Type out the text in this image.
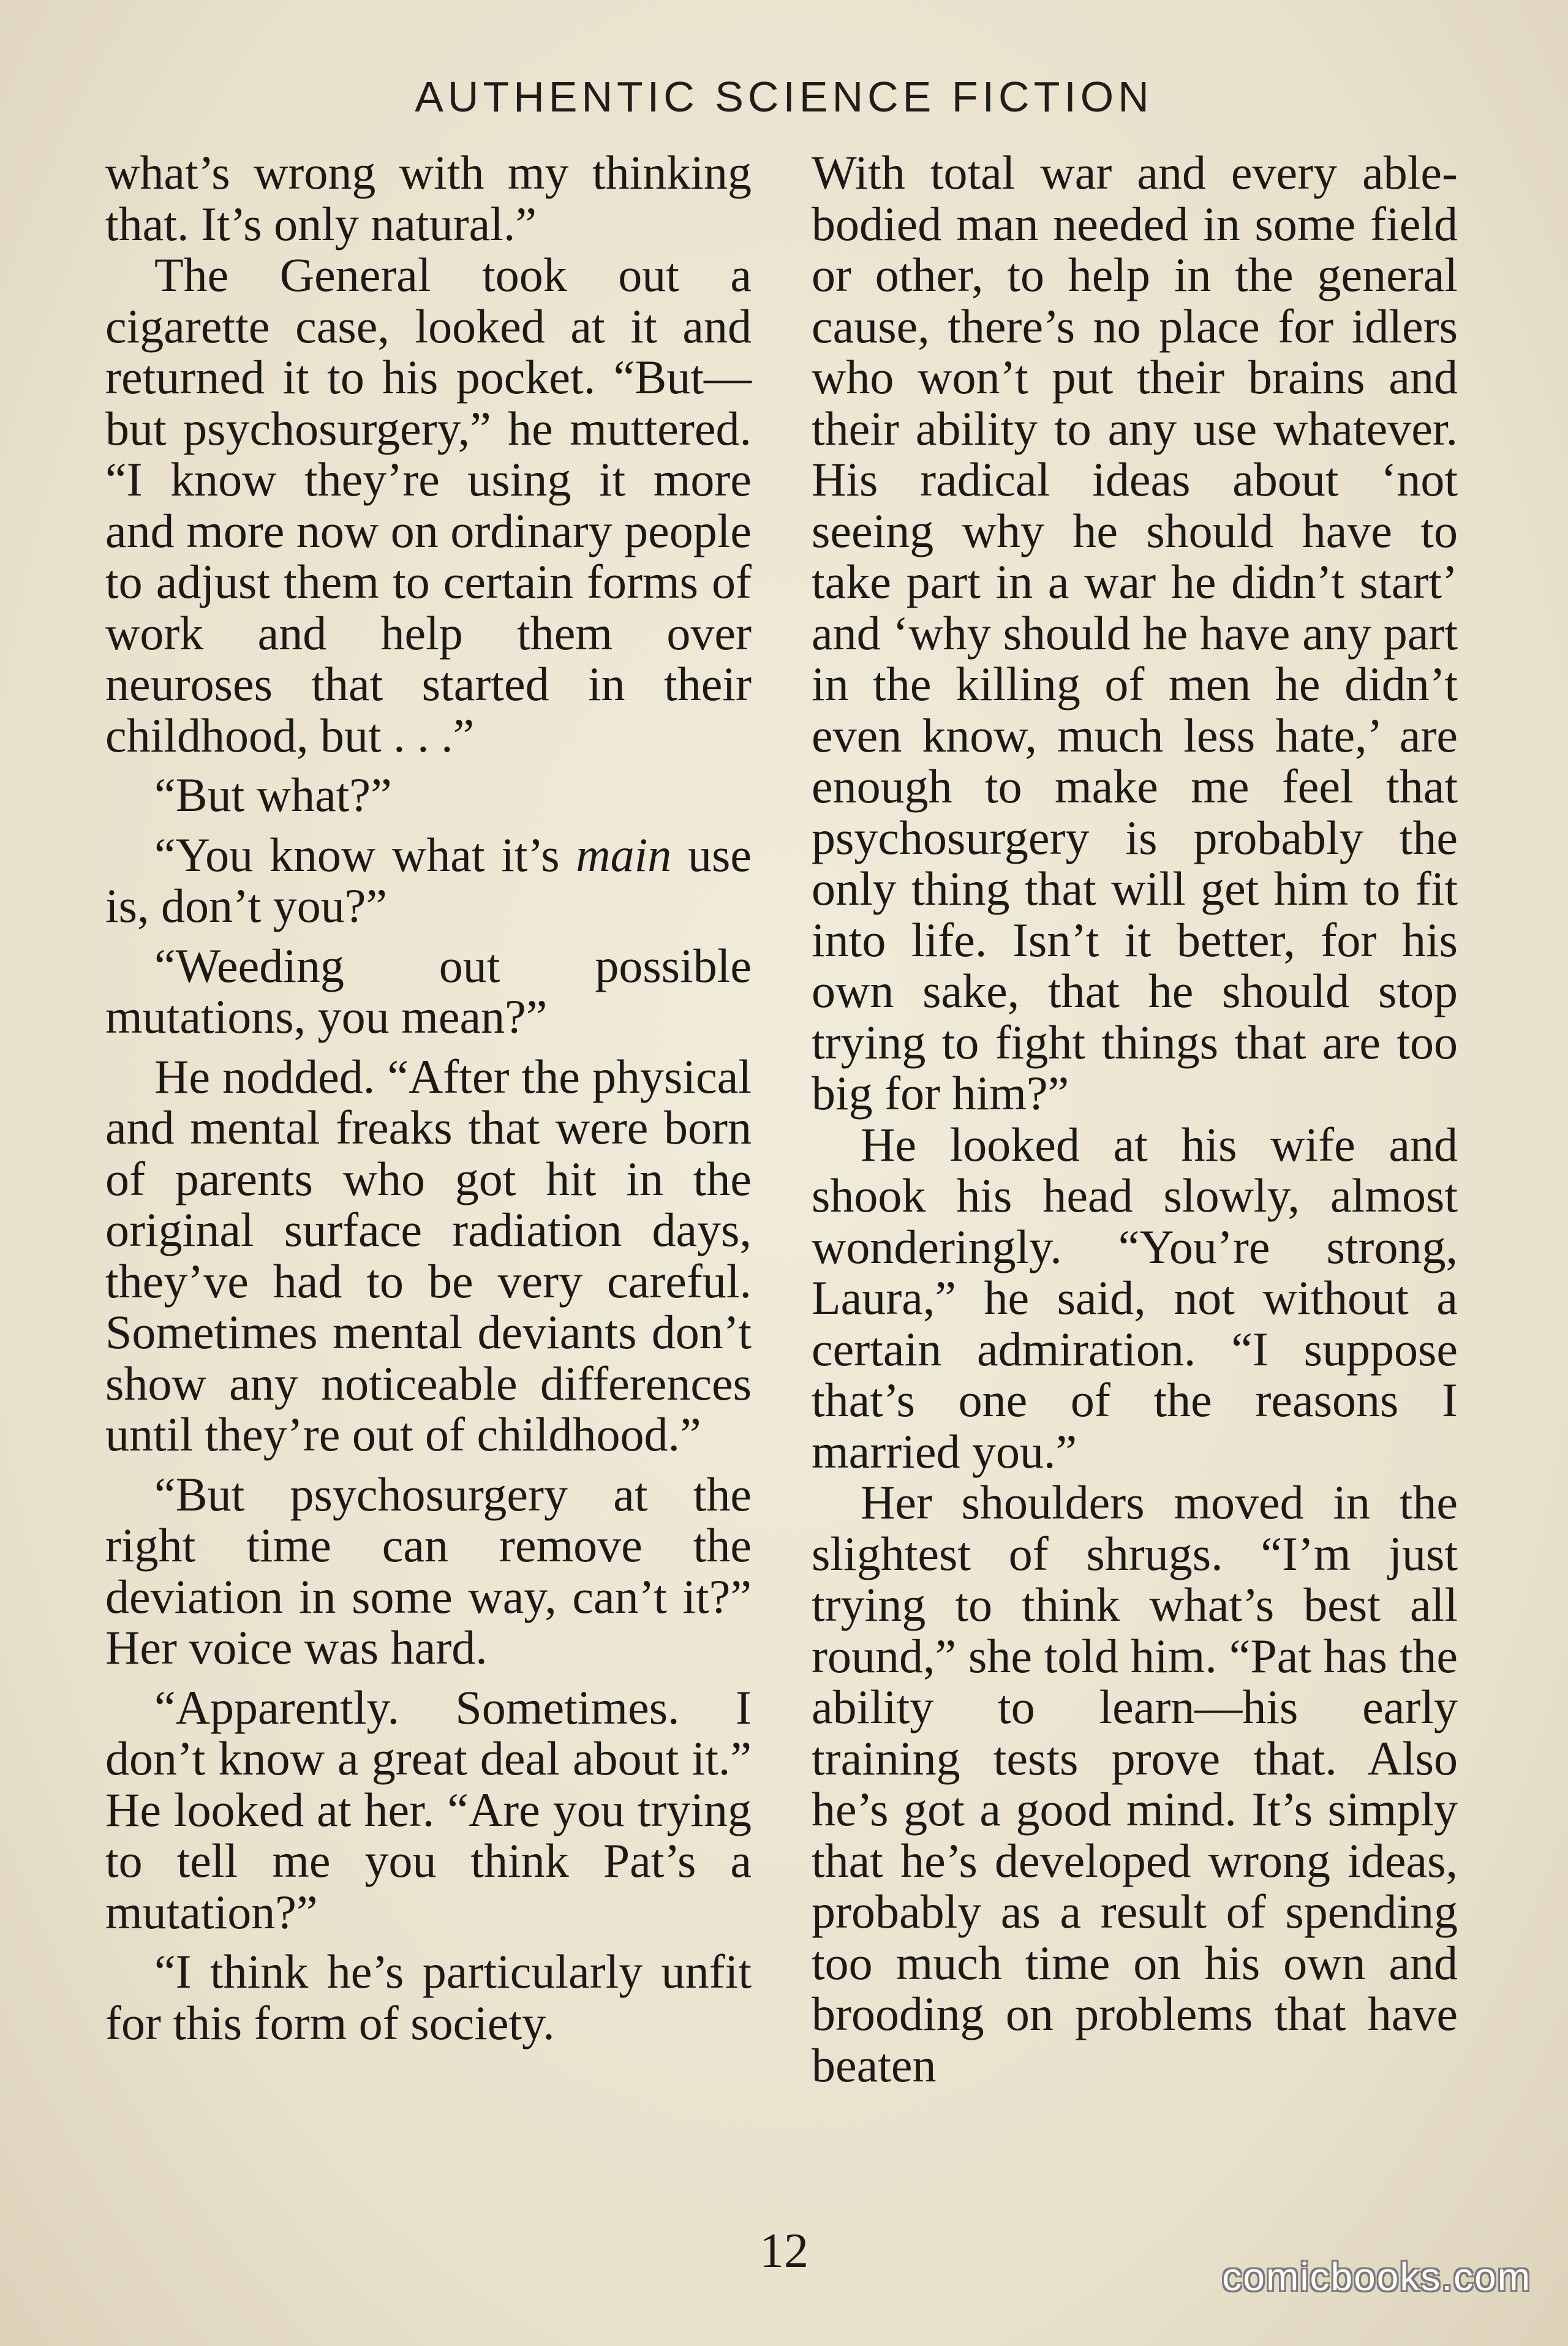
AUTHENTIC SCIENCE FICTION

what’s wrong with my thinking that. It’s only natural.”

The General took out a cigarette case, looked at it and returned it to his pocket. “But—but psychosurgery,” he muttered. “I know they’re using it more and more now on ordinary people to adjust them to certain forms of work and help them over neuroses that started in their childhood, but . . .”

“But what?”

“You know what it’s main use is, don’t you?”

“Weeding out possible mutations, you mean?”

He nodded. “After the physical and mental freaks that were born of parents who got hit in the original surface radiation days, they’ve had to be very careful. Sometimes mental deviants don’t show any noticeable differences until they’re out of childhood.”

“But psychosurgery at the right time can remove the deviation in some way, can’t it?” Her voice was hard.

“Apparently. Sometimes. I don’t know a great deal about it.” He looked at her. “Are you trying to tell me you think Pat’s a mutation?”

“I think he’s particularly unfit for this form of society.

With total war and every able-bodied man needed in some field or other, to help in the general cause, there’s no place for idlers who won’t put their brains and their ability to any use whatever. His radical ideas about ‘not seeing why he should have to take part in a war he didn’t start’ and ‘why should he have any part in the killing of men he didn’t even know, much less hate,’ are enough to make me feel that psychosurgery is probably the only thing that will get him to fit into life. Isn’t it better, for his own sake, that he should stop trying to fight things that are too big for him?”

He looked at his wife and shook his head slowly, almost wonderingly. “You’re strong, Laura,” he said, not without a certain admiration. “I suppose that’s one of the reasons I married you.”

Her shoulders moved in the slightest of shrugs. “I’m just trying to think what’s best all round,” she told him. “Pat has the ability to learn—his early training tests prove that. Also he’s got a good mind. It’s simply that he’s developed wrong ideas, probably as a result of spending too much time on his own and brooding on problems that have beaten

12	comicbooks.com
